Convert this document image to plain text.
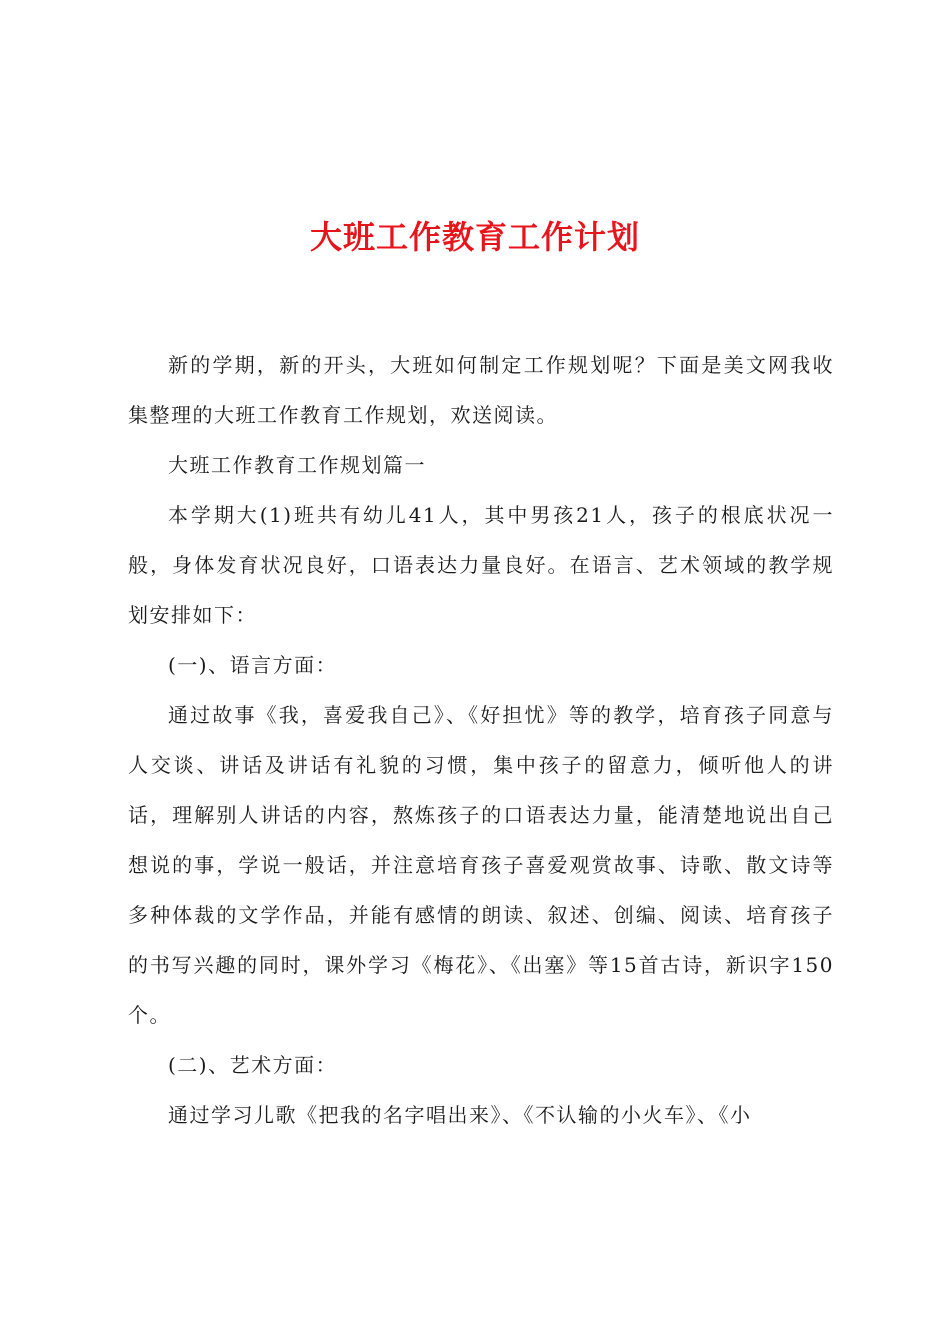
大班工作教育工作计划

新的学期，新的开头，大班如何制定工作规划呢？下面是美文网我收集整理的大班工作教育工作规划，欢送阅读。

大班工作教育工作规划篇一

本学期大(1)班共有幼儿41人，其中男孩21人，孩子的根底状况一般，身体发育状况良好，口语表达力量良好。在语言、艺术领域的教学规划安排如下：

(一)、语言方面：

通过故事《我，喜爱我自己》、《好担忧》等的教学，培育孩子同意与人交谈、讲话及讲话有礼貌的习惯，集中孩子的留意力，倾听他人的讲话，理解别人讲话的内容，熬炼孩子的口语表达力量，能清楚地说出自己想说的事，学说一般话，并注意培育孩子喜爱观赏故事、诗歌、散文诗等多种体裁的文学作品，并能有感情的朗读、叙述、创编、阅读、培育孩子的书写兴趣的同时，课外学习《梅花》、《出塞》等15首古诗，新识字150个。

(二)、艺术方面：

通过学习儿歌《把我的名字唱出来》、《不认输的小火车》、《小
